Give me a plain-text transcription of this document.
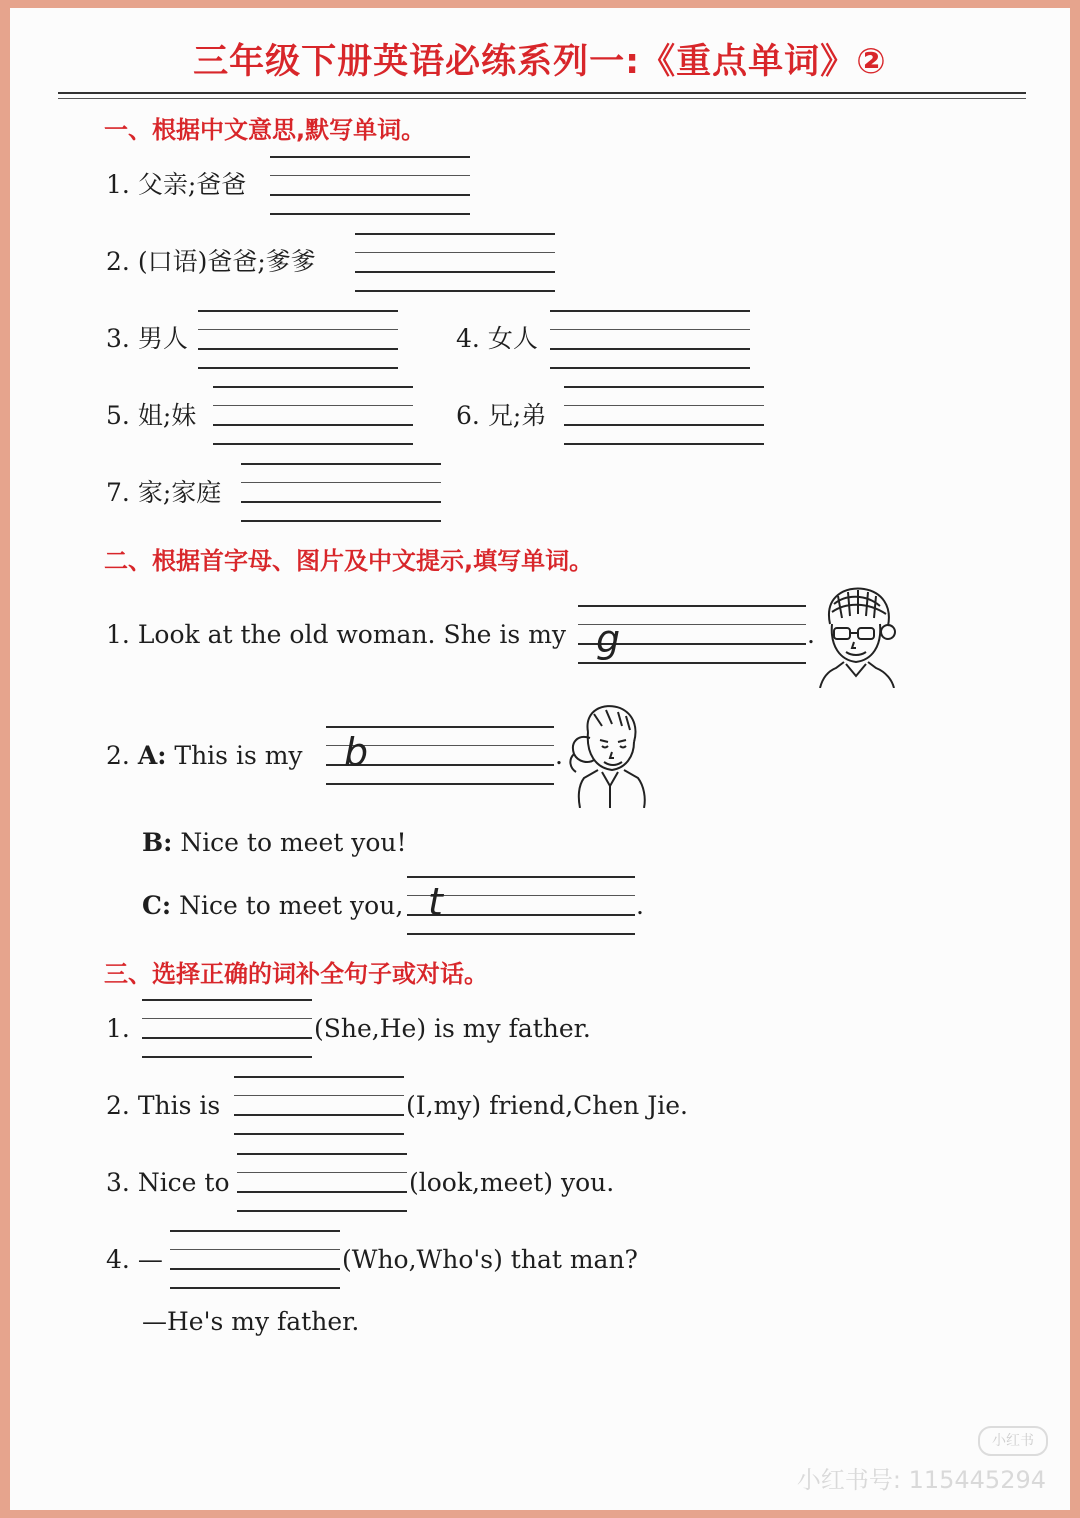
三年级下册英语必练系列一:《重点单词》②
一、根据中文意思,默写单词。
1. 父亲;爸爸
2. (口语)爸爸;爹爹
3. 男人	4. 女人
5. 姐;妹	6. 兄;弟
7. 家;家庭
二、根据首字母、图片及中文提示,填写单词。
1. Look at the old woman. She is my g	.
2. A: This is my b	.
B: Nice to meet you!
C: Nice to meet you, t	.
三、选择正确的词补全句子或对话。
1.	(She,He) is my father.
2. This is	(I,my) friend,Chen Jie.
3. Nice to	(look,meet) you.
4. —	(Who,Who's) that man?
—He's my father.
小红书
小红书号: 115445294
